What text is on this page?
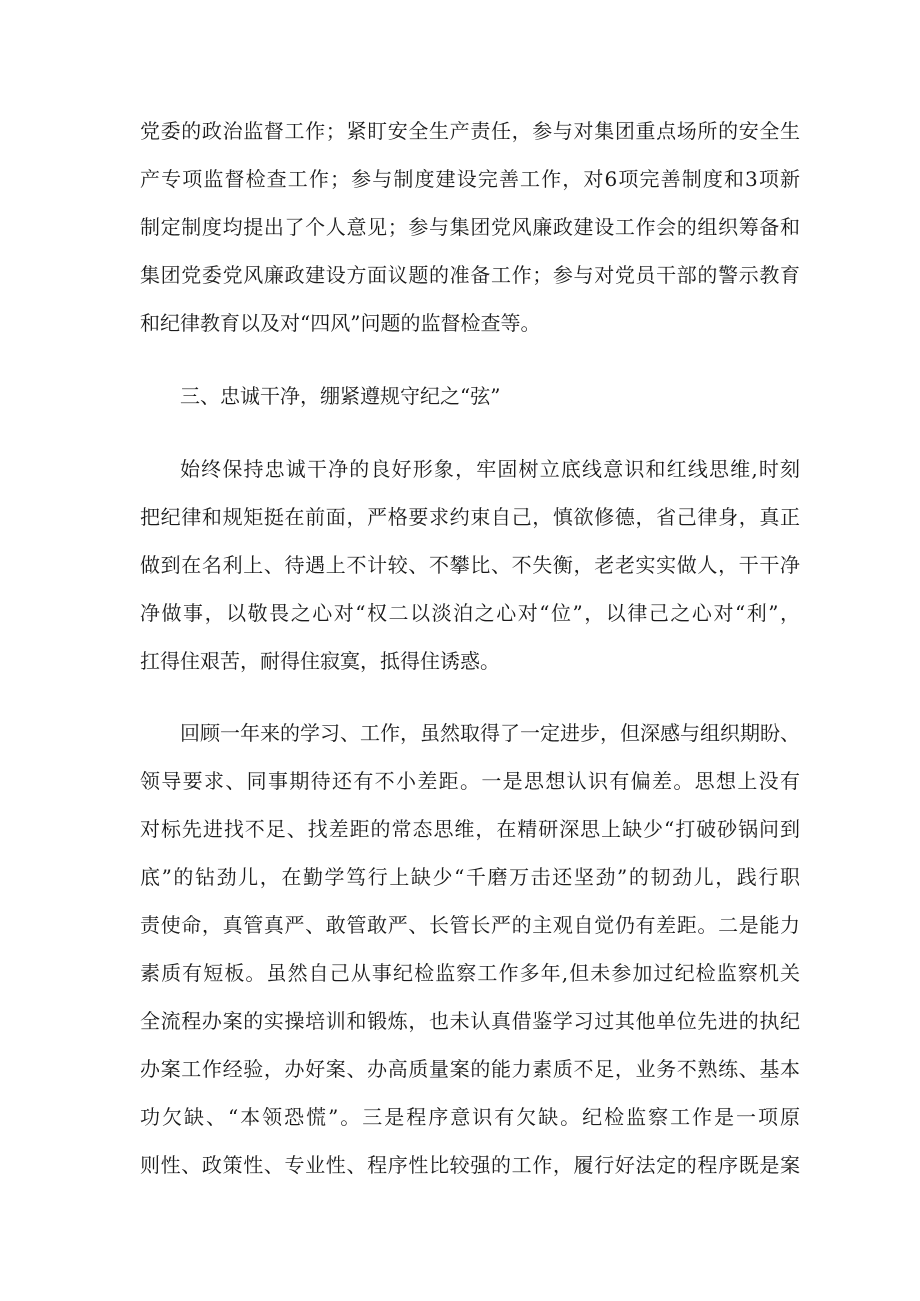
党委的政治监督工作；紧盯安全生产责任，参与对集团重点场所的安全生
产专项监督检查工作；参与制度建设完善工作，对6项完善制度和3项新
制定制度均提出了个人意见；参与集团党风廉政建设工作会的组织筹备和
集团党委党风廉政建设方面议题的准备工作；参与对党员干部的警示教育
和纪律教育以及对“四风”问题的监督检查等。
三、忠诚干净，绷紧遵规守纪之“弦”
始终保持忠诚干净的良好形象，牢固树立底线意识和红线思维,时刻
把纪律和规矩挺在前面，严格要求约束自己，慎欲修德，省己律身，真正
做到在名利上、待遇上不计较、不攀比、不失衡，老老实实做人，干干净
净做事，以敬畏之心对“权二以淡泊之心对“位”，以律己之心对“利”，
扛得住艰苦，耐得住寂寞，抵得住诱惑。
回顾一年来的学习、工作，虽然取得了一定进步，但深感与组织期盼、
领导要求、同事期待还有不小差距。一是思想认识有偏差。思想上没有
对标先进找不足、找差距的常态思维，在精研深思上缺少“打破砂锅问到
底”的钻劲儿，在勤学笃行上缺少“千磨万击还坚劲”的韧劲儿，践行职
责使命，真管真严、敢管敢严、长管长严的主观自觉仍有差距。二是能力
素质有短板。虽然自己从事纪检监察工作多年,但未参加过纪检监察机关
全流程办案的实操培训和锻炼，也未认真借鉴学习过其他单位先进的执纪
办案工作经验，办好案、办高质量案的能力素质不足，业务不熟练、基本
功欠缺、“本领恐慌”。三是程序意识有欠缺。纪检监察工作是一项原
则性、政策性、专业性、程序性比较强的工作，履行好法定的程序既是案
